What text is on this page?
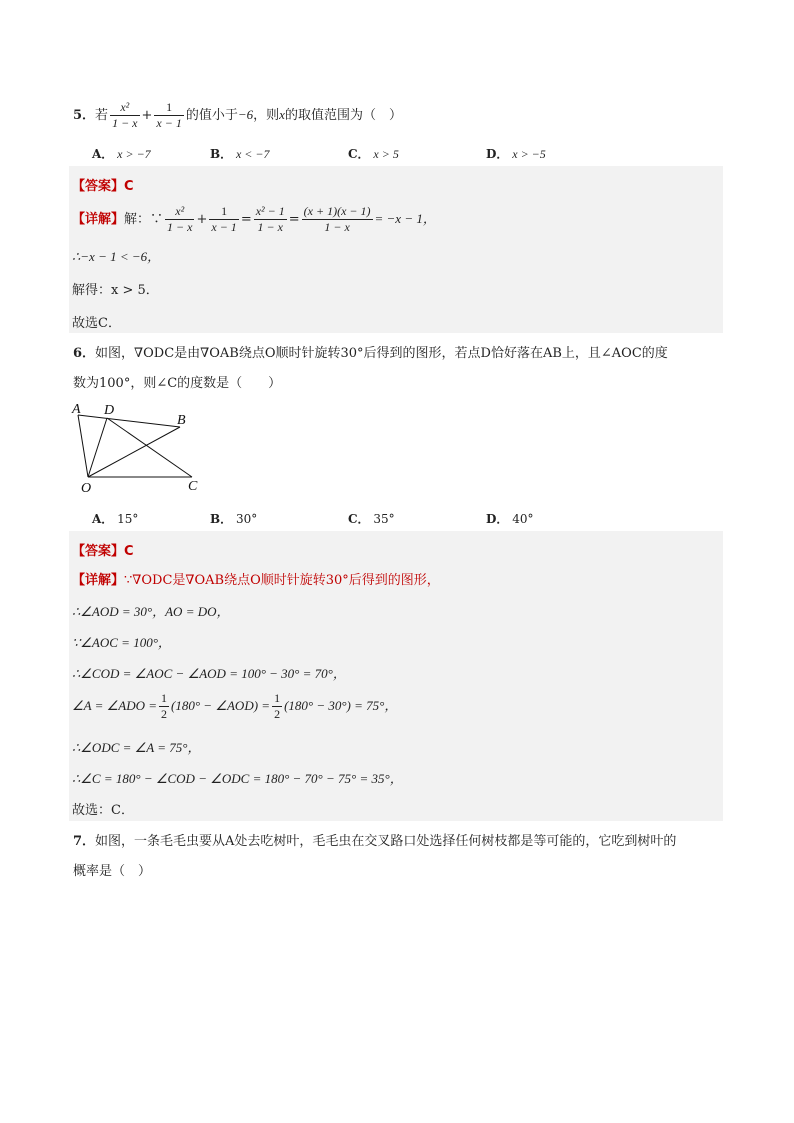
5．若 $\frac{\text{x²}}{1 - x} + \frac{1}{x - 1}$ 的值小于−6，则x的取值范围为（　）
A． x > −7	B． x < −7	C． x > 5	D． x > −5
【答案】C
【详解】解：∵ $\frac{\text{x²}}{1 - x} + \frac{1}{x - 1} = \frac{\text{x² − 1}}{1 - x} = \frac{(x + 1)(x - 1)}{1 - x} = -x - 1$，
∴−x − 1 < −6，
解得：x > 5．
故选C．
6．如图，∇ODC是由∇OAB绕点O顺时针旋转30°后得到的图形，若点D恰好落在AB上，且∠AOC的度
数为100°，则∠C的度数是（　　）
A D
B
O	C
A． 15°	B． 30°	C． 35°	D． 40°
【答案】C
【详解】∵∇ODC是∇OAB绕点O顺时针旋转30°后得到的图形，
∴∠AOD = 30°，AO = DO，
∵∠AOC = 100°，
∴∠COD = ∠AOC − ∠AOD = 100° − 30° = 70°，
∠A = ∠ADO = $\frac{1}{2} (180^\circ$ − ∠AOD) = $\frac{1}{2} (180^\circ - 30^\circ) = 75^\circ$，
∴∠ODC = ∠A = 75°，
∴∠C = 180° − ∠COD − ∠ODC = 180° − 70° − 75° = 35°，
故选：C．
7．如图，一条毛毛虫要从A处去吃树叶，毛毛虫在交叉路口处选择任何树枝都是等可能的，它吃到树叶的
概率是（　）
